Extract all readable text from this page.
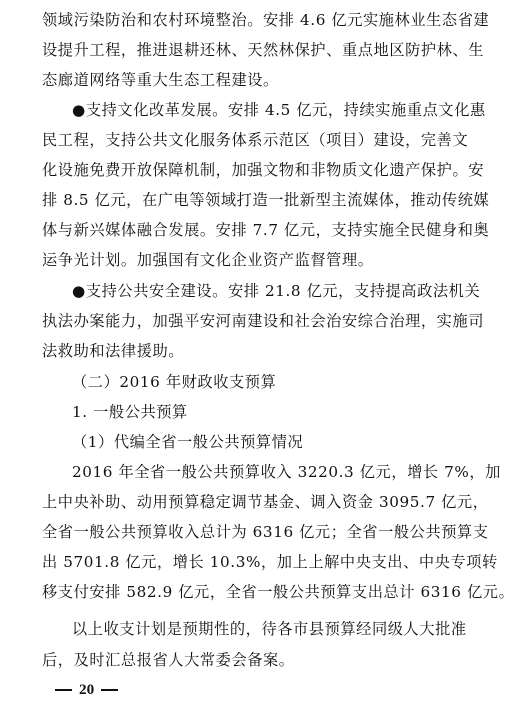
领域污染防治和农村环境整治。安排 4.6 亿元实施林业生态省建
设提升工程，推进退耕还林、天然林保护、重点地区防护林、生
态廊道网络等重大生态工程建设。
●支持文化改革发展。安排 4.5 亿元，持续实施重点文化惠
民工程，支持公共文化服务体系示范区（项目）建设，完善文
化设施免费开放保障机制，加强文物和非物质文化遗产保护。安
排 8.5 亿元，在广电等领域打造一批新型主流媒体，推动传统媒
体与新兴媒体融合发展。安排 7.7 亿元，支持实施全民健身和奥
运争光计划。加强国有文化企业资产监督管理。
●支持公共安全建设。安排 21.8 亿元，支持提高政法机关
执法办案能力，加强平安河南建设和社会治安综合治理，实施司
法救助和法律援助。
（二）2016 年财政收支预算
1. 一般公共预算
（1）代编全省一般公共预算情况
2016 年全省一般公共预算收入 3220.3 亿元，增长 7%，加
上中央补助、动用预算稳定调节基金、调入资金 3095.7 亿元，
全省一般公共预算收入总计为 6316 亿元；全省一般公共预算支
出 5701.8 亿元，增长 10.3%，加上上解中央支出、中央专项转
移支付安排 582.9 亿元，全省一般公共预算支出总计 6316 亿元。
以上收支计划是预期性的，待各市县预算经同级人大批准
后，及时汇总报省人大常委会备案。
20
